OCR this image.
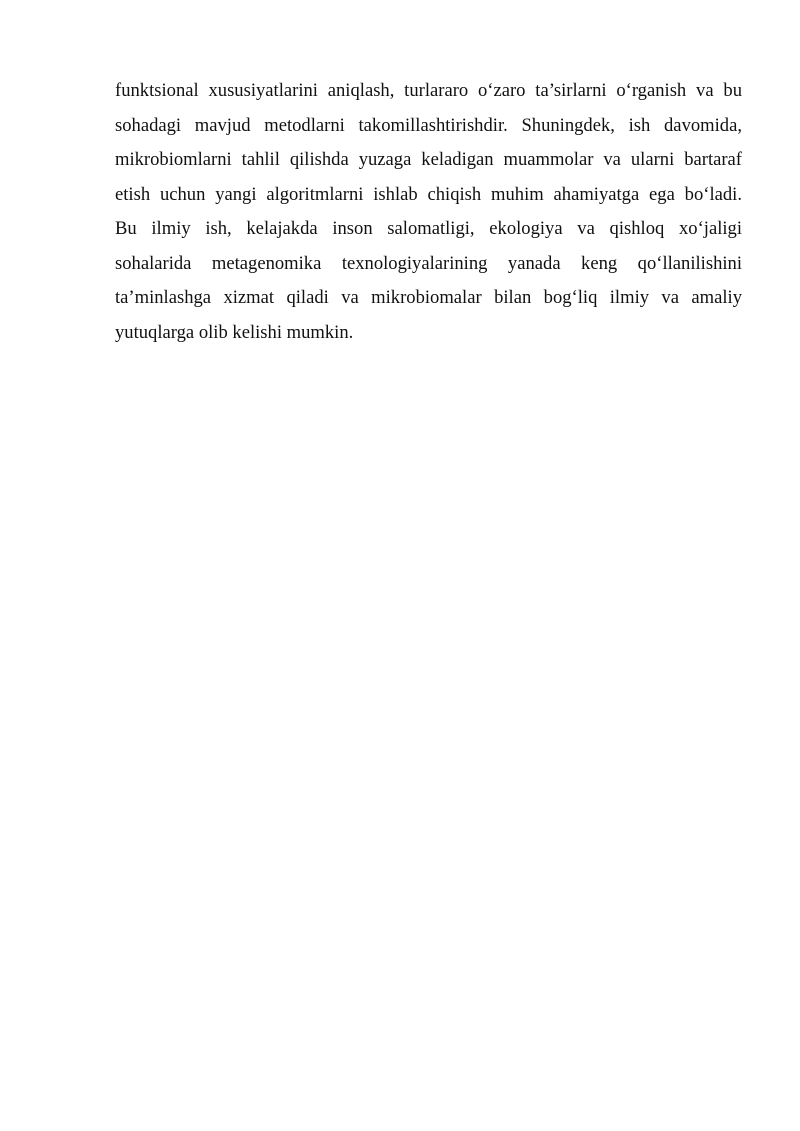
funktsional xususiyatlarini aniqlash, turlararo o‘zaro ta’sirlarni o‘rganish va bu
sohadagi mavjud metodlarni takomillashtirishdir. Shuningdek, ish davomida,
mikrobiomlarni tahlil qilishda yuzaga keladigan muammolar va ularni bartaraf
etish uchun yangi algoritmlarni ishlab chiqish muhim ahamiyatga ega bo‘ladi.
Bu ilmiy ish, kelajakda inson salomatligi, ekologiya va qishloq xo‘jaligi
sohalarida metagenomika texnologiyalarining yanada keng qo‘llanilishini
ta’minlashga xizmat qiladi va mikrobiomalar bilan bog‘liq ilmiy va amaliy
yutuqlarga olib kelishi mumkin.
